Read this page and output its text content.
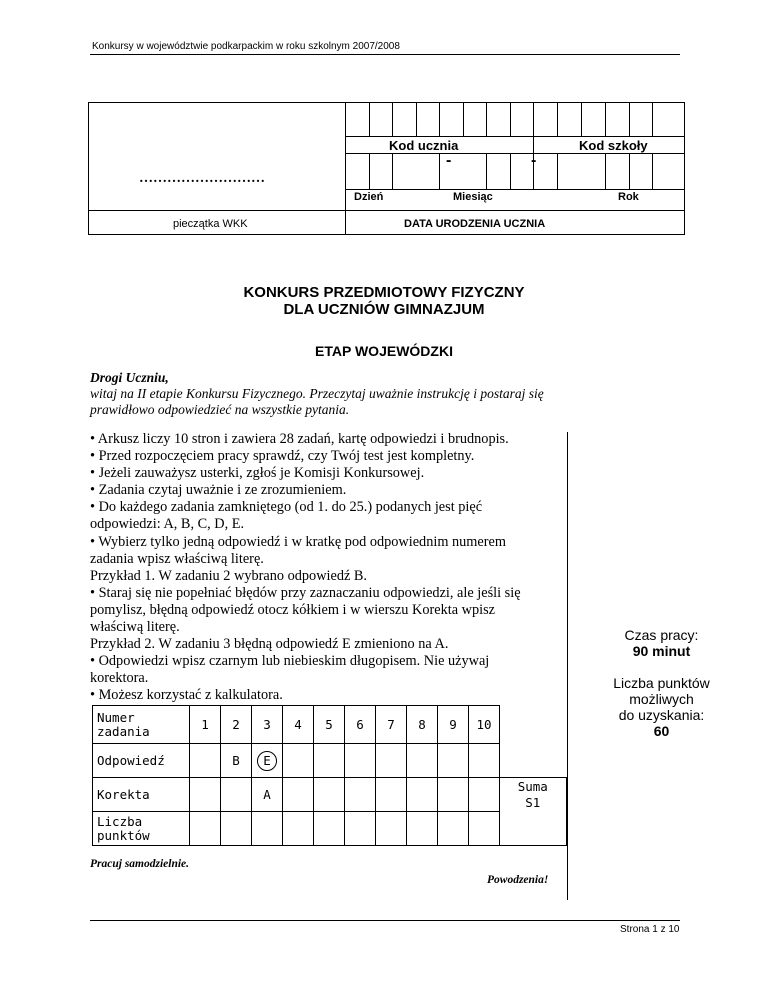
Konkursy w województwie podkarpackim w roku szkolnym 2007/2008
Kod ucznia	Kod szkoły
-	-
………………………
Dzień	Miesiąc	Rok
pieczątka WKK	DATA URODZENIA UCZNIA
KONKURS PRZEDMIOTOWY FIZYCZNY
DLA UCZNIÓW GIMNAZJUM
ETAP WOJEWÓDZKI
Drogi Uczniu,
witaj na II etapie Konkursu Fizycznego. Przeczytaj uważnie instrukcję i postaraj się
prawidłowo odpowiedzieć na wszystkie pytania.
• Arkusz liczy 10 stron i zawiera 28 zadań, kartę odpowiedzi i brudnopis.
• Przed rozpoczęciem pracy sprawdź, czy Twój test jest kompletny.
• Jeżeli zauważysz usterki, zgłoś je Komisji Konkursowej.
• Zadania czytaj uważnie i ze zrozumieniem.
• Do każdego zadania zamkniętego (od 1. do 25.) podanych jest pięć
odpowiedzi: A, B, C, D, E.
• Wybierz tylko jedną odpowiedź i w kratkę pod odpowiednim numerem
zadania wpisz właściwą literę.
Przykład 1. W zadaniu 2 wybrano odpowiedź B.
• Staraj się nie popełniać błędów przy zaznaczaniu odpowiedzi, ale jeśli się
pomylisz, błędną odpowiedź otocz kółkiem i w wierszu Korekta wpisz
właściwą literę.
Przykład 2. W zadaniu 3 błędną odpowiedź E zmieniono na A.
• Odpowiedzi wpisz czarnym lub niebieskim długopisem. Nie używaj
korektora.
• Możesz korzystać z kalkulatora.
Czas pracy:
90 minut
Liczba punktów
możliwych
do uzyskania:
60
Numer
zadania	1	2	3	4	5	6	7	8	9	10	
Odpowiedź		B	E								
Korekta			A								Suma
S1

Liczba
punktów											

Pracuj samodzielnie.
Powodzenia!
Strona 1 z 10
